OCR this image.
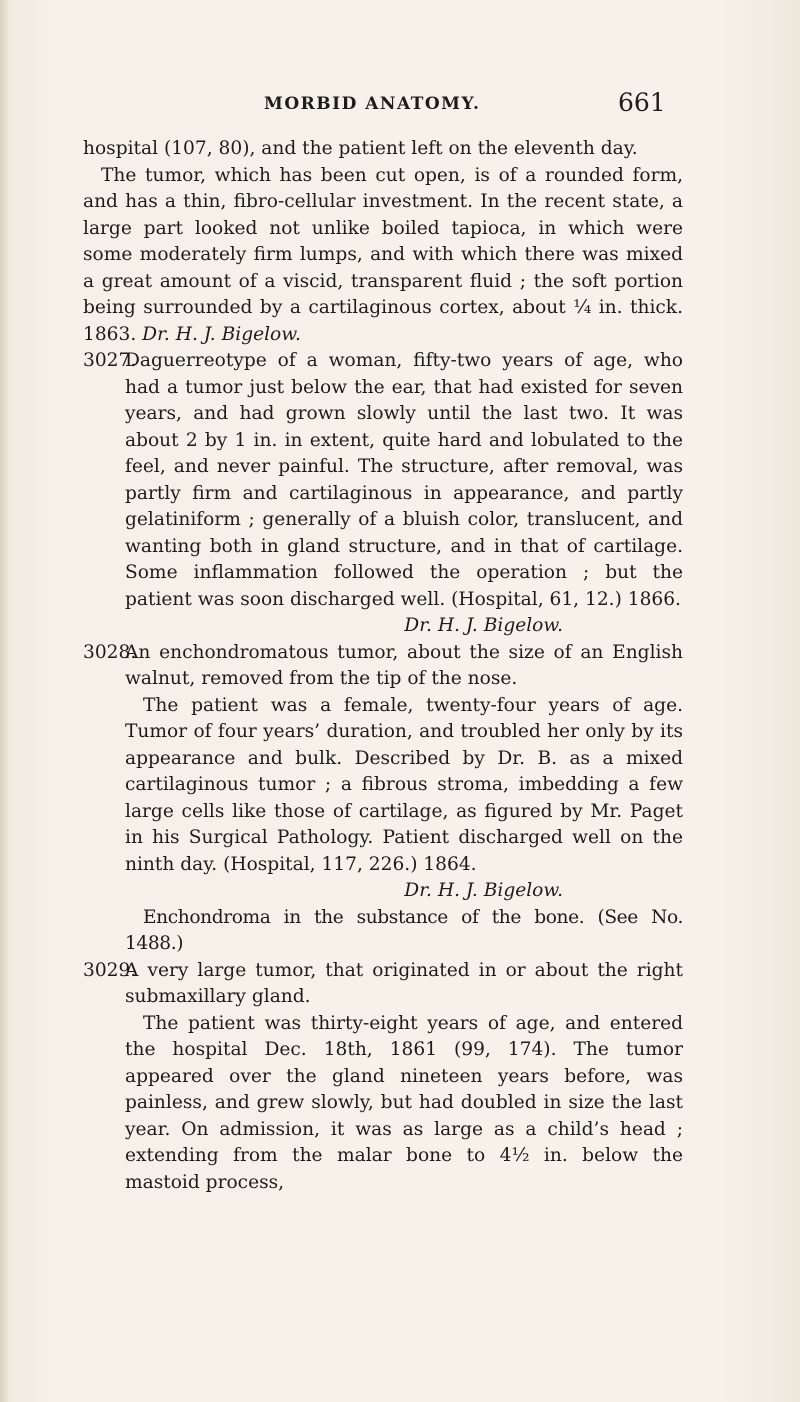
MORBID ANATOMY.	661

hospital (107, 80), and the patient left on the eleventh day.

The tumor, which has been cut open, is of a rounded form, and has a thin, fibro-cellular investment. In the recent state, a large part looked not unlike boiled tapioca, in which were some moderately firm lumps, and with which there was mixed a great amount of a viscid, transparent fluid ; the soft portion being surrounded by a cartilaginous cortex, about ¼ in. thick. 1863. Dr. H. J. Bigelow.

3027.Daguerreotype of a woman, fifty-two years of age, who had a tumor just below the ear, that had existed for seven years, and had grown slowly until the last two. It was about 2 by 1 in. in extent, quite hard and lobulated to the feel, and never painful. The structure, after removal, was partly firm and cartilaginous in appearance, and partly gelatiniform ; generally of a bluish color, translucent, and wanting both in gland structure, and in that of cartilage. Some inflammation followed the operation ; but the patient was soon discharged well. (Hospital, 61, 12.) 1866.
Dr. H. J. Bigelow.

3028.An enchondromatous tumor, about the size of an English walnut, removed from the tip of the nose.
The patient was a female, twenty-four years of age. Tumor of four years’ duration, and troubled her only by its appearance and bulk. Described by Dr. B. as a mixed cartilaginous tumor ; a fibrous stroma, imbedding a few large cells like those of cartilage, as figured by Mr. Paget in his Surgical Pathology. Patient discharged well on the ninth day. (Hospital, 117, 226.) 1864.
Dr. H. J. Bigelow.
Enchondroma in the substance of the bone. (See No. 1488.)

3029.A very large tumor, that originated in or about the right submaxillary gland.
The patient was thirty-eight years of age, and entered the hospital Dec. 18th, 1861 (99, 174). The tumor appeared over the gland nineteen years before, was painless, and grew slowly, but had doubled in size the last year. On admission, it was as large as a child’s head ; extending from the malar bone to 4½ in. below the mastoid process,
